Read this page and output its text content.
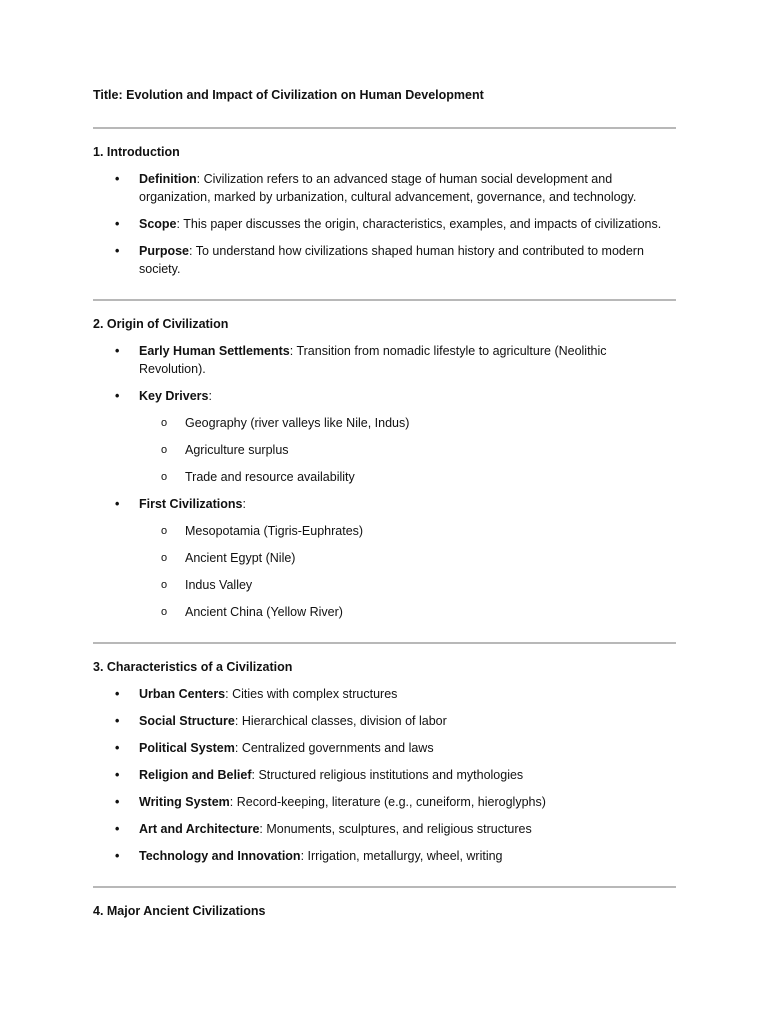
Title: Evolution and Impact of Civilization on Human Development

1. Introduction

•	Definition: Civilization refers to an advanced stage of human social development and organization, marked by urbanization, cultural advancement, governance, and technology.
•	Scope: This paper discusses the origin, characteristics, examples, and impacts of civilizations.
•	Purpose: To understand how civilizations shaped human history and contributed to modern society.

2. Origin of Civilization

•	Early Human Settlements: Transition from nomadic lifestyle to agriculture (Neolithic Revolution).
•	Key Drivers:
o Geography (river valleys like Nile, Indus)
o Agriculture surplus
o Trade and resource availability
•	First Civilizations:
o Mesopotamia (Tigris-Euphrates)
o Ancient Egypt (Nile)
o Indus Valley
o Ancient China (Yellow River)

3. Characteristics of a Civilization

•	Urban Centers: Cities with complex structures
•	Social Structure: Hierarchical classes, division of labor
•	Political System: Centralized governments and laws
•	Religion and Belief: Structured religious institutions and mythologies
•	Writing System: Record-keeping, literature (e.g., cuneiform, hieroglyphs)
•	Art and Architecture: Monuments, sculptures, and religious structures
•	Technology and Innovation: Irrigation, metallurgy, wheel, writing

4. Major Ancient Civilizations
